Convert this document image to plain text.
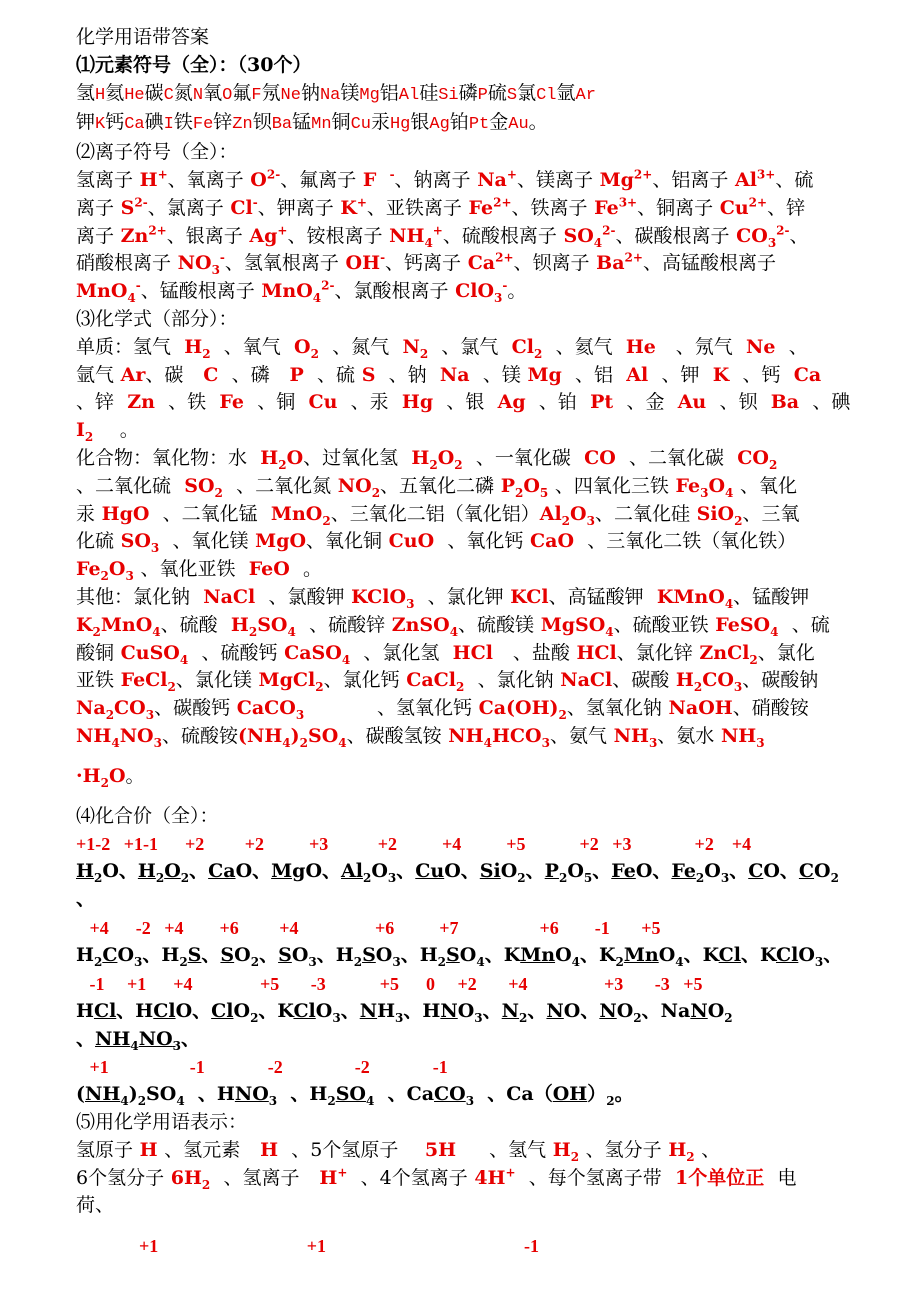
化学用语带答案
⑴元素符号（全）：（30个）
氢H氦He碳C氮N氧O氟F氖Ne钠Na镁Mg铝Al硅Si磷P硫S氯Cl氩Ar
钾K钙Ca碘I铁Fe锌Zn钡Ba锰Mn铜Cu汞Hg银Ag铂Pt金Au。
⑵离子符号（全）：
氢离子 H+、氧离子 $O^{2-}$、氟离子 F  -、钠离子 Na+、镁离子 $Mg^{2+}$、铝离子 $Al^{3+}$、硫
离子 $S^{2-}$、氯离子 Cl-、钾离子 K+、亚铁离子 $Fe^{2+}$、铁离子 $Fe^{3+}$、铜离子 $Cu^{2+}$、锌
离子 $Zn^{2+}$、银离子 Ag+、铵根离子 $NH_4^+$、硫酸根离子 $SO_4^{2-}$、碳酸根离子 $CO_3^{2-}$、
硝酸根离子 $NO_3^-$、氢氧根离子 OH-、钙离子 $Ca^{2+}$、钡离子 $Ba^{2+}$、高锰酸根离子
MnO$_4$-、锰酸根离子 MnO$_4^{2-}$、氯酸根离子 ClO$_3$-。
⑶化学式（部分）：
单质：氢气 $H_2$ 、氧气 $O_2$ 、氮气 $N_2$ 、氯气 $Cl_2$ 、氦气 He 、氖气 Ne 、
氩气 Ar、碳 C 、磷 P 、硫 S 、钠 Na 、镁 Mg 、铝 Al 、钾 K 、钙 Ca
、锌 Zn 、铁 Fe 、铜 Cu 、汞 Hg 、银 Ag 、铂 Pt 、金 Au 、钡 Ba 、碘
$I_2$ 。
化合物：氧化物：水 $H_2O$、过氧化氢 $H_2O_2$ 、一氧化碳 CO 、二氧化碳 $CO_2$
、二氧化硫 $SO_2$ 、二氧化氮 $NO_2$、五氧化二磷 $P_2O_5$ 、四氧化三铁 $Fe_3O_4$ 、氧化
汞 HgO 、二氧化锰 MnO$_2$、三氧化二铝（氧化铝）$Al_2O_3$、二氧化硅 SiO$_2$、三氧
化硫 $SO_3$ 、氧化镁 MgO、氧化铜 CuO 、氧化钙 CaO 、三氧化二铁（氧化铁）
$Fe_2O_3$ 、氧化亚铁 FeO 。
其他：氯化钠 NaCl 、氯酸钾 KClO$_3$ 、氯化钾 KCl、高锰酸钾 KMnO$_4$、锰酸钾
$K_2MnO_4$、硫酸 $H_2SO_4$ 、硫酸锌 ZnSO$_4$、硫酸镁 MgSO$_4$、硫酸亚铁 FeSO$_4$ 、硫
酸铜 CuSO$_4$ 、硫酸钙 CaSO$_4$ 、氯化氢 HCl 、盐酸 HCl、氯化锌 ZnCl$_2$、氯化
亚铁 FeCl$_2$、氯化镁 MgCl$_2$、氯化钙 CaCl$_2$ 、氯化钠 NaCl、碳酸 $H_2CO_3$、碳酸钠
$Na_2CO_3$、碳酸钙 CaCO$_3$	、氢氧化钙 $Ca(OH)_2$、氢氧化钠 NaOH、硝酸铵
$NH_4NO_3$、硫酸铵$(NH_4)_2SO_4$、碳酸氢铵 $NH_4HCO_3$、氨气 $NH_3$、氨水 $NH_3$
$\cdot H_2O$。
⑷化合价（全）：
+1-2   +1-1      +2         +2          +3           +2          +4          +5            +2   +3              +2    +4
$H_2O$、$H_2O_2$、CaO、MgO、$Al_2O_3$、CuO、SiO$_2$、$P_2O_5$、FeO、$Fe_2O_3$、CO、$CO_2$
、
+4      -2   +4        +6         +4                 +6          +7                  +6        -1       +5
$H_2CO_3$、$H_2S$、$SO_2$、$SO_3$、$H_2SO_3$、$H_2SO_4$、KMnO$_4$、$K_2MnO_4$、KCl、KClO$_3$、
-1     +1      +4               +5       -3            +5      0     +2       +4                 +3       -3   +5
HCl、HClO、ClO$_2$、KClO$_3$、$NH_3$、$HNO_3$、$N_2$、NO、$NO_2$、NaNO$_2$
、$NH_4NO_3$、
+1                  -1              -2                -2              -1
$(NH_4)_2SO_4$  、$HNO_3$  、$H_2SO_4$  、CaCO$_3$  、$Ca(OH)_2$。
⑸用化学用语表示：
氢原子 H 、氢元素 H 、5个氢原子 5H 、氢气 $H_2$ 、氢分子 $H_2$ 、
6个氢分子 $6H_2$ 、氢离子 H+ 、4个氢离子 4H+ 、每个氢离子带 1个单位正 电
荷、
+1                                 +1                                            -1
